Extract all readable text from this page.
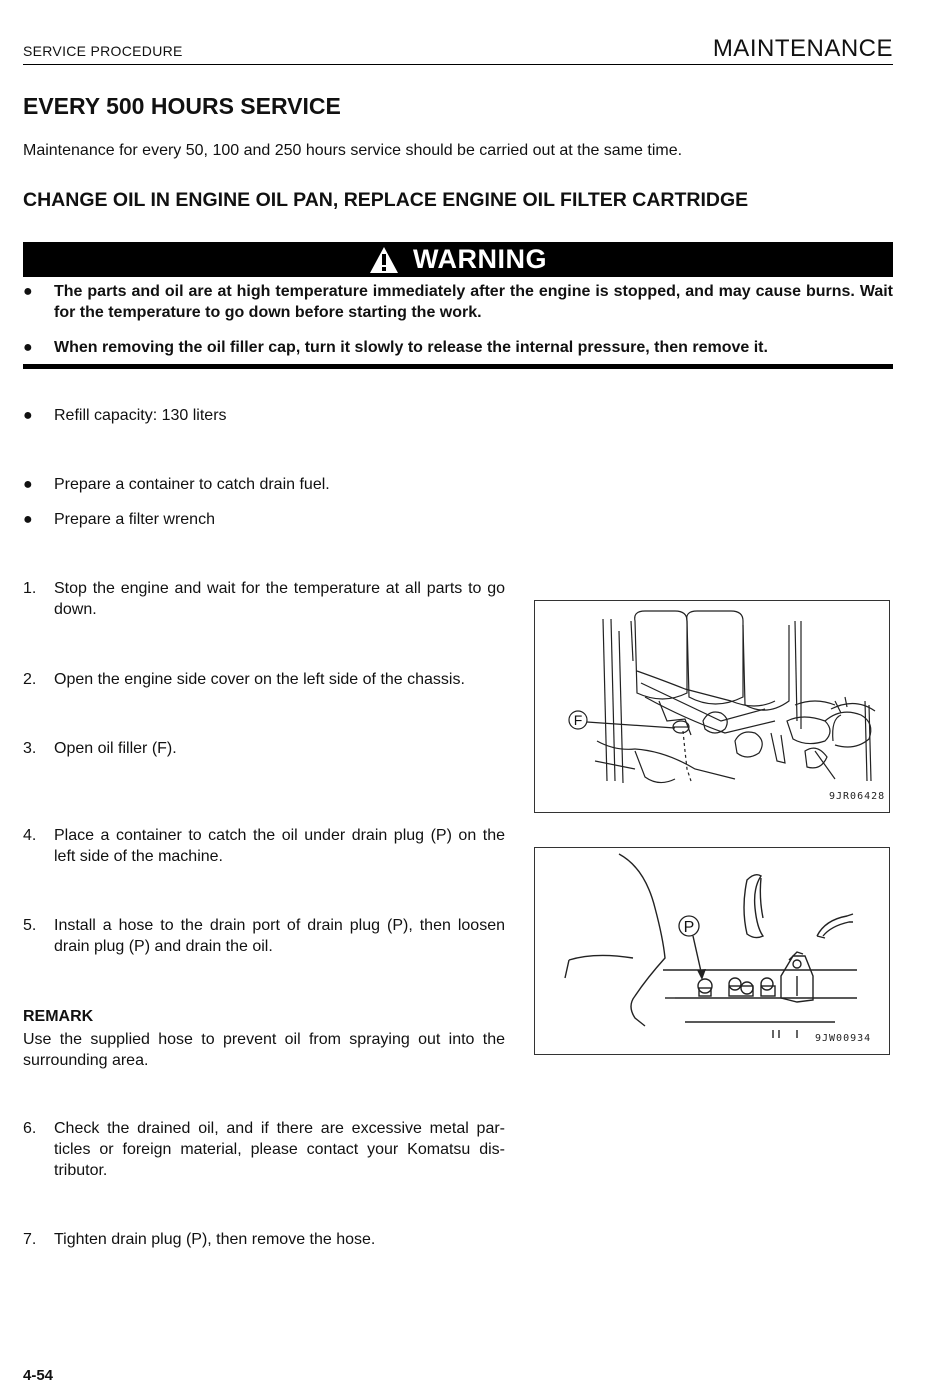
SERVICE PROCEDURE	MAINTENANCE
EVERY 500 HOURS SERVICE
Maintenance for every 50, 100 and 250 hours service should be carried out at the same time.
CHANGE OIL IN ENGINE OIL PAN, REPLACE ENGINE OIL FILTER CARTRIDGE
WARNING
●	The parts and oil are at high temperature immediately after the engine is stopped, and may cause burns. Wait for the temperature to go down before starting the work.
●	When removing the oil filler cap, turn it slowly to release the internal pressure, then remove it.
●	Refill capacity: 130 liters
●	Prepare a container to catch drain fuel.
●	Prepare a filter wrench
1.	Stop the engine and wait for the temperature at all parts to go down.
2.	Open the engine side cover on the left side of the chassis.
3.	Open oil filler (F).
4.	Place a container to catch the oil under drain plug (P) on the left side of the machine.
5.	Install a hose to the drain port of drain plug (P), then loosen drain plug (P) and drain the oil.
REMARK
Use the supplied hose to prevent oil from spraying out into the surrounding area.
6.	Check the drained oil, and if there are excessive metal par-ticles or foreign material, please contact your Komatsu dis-tributor.
7.	Tighten drain plug (P), then remove the hose.
F
9JR06428
P
9JW00934
4-54
